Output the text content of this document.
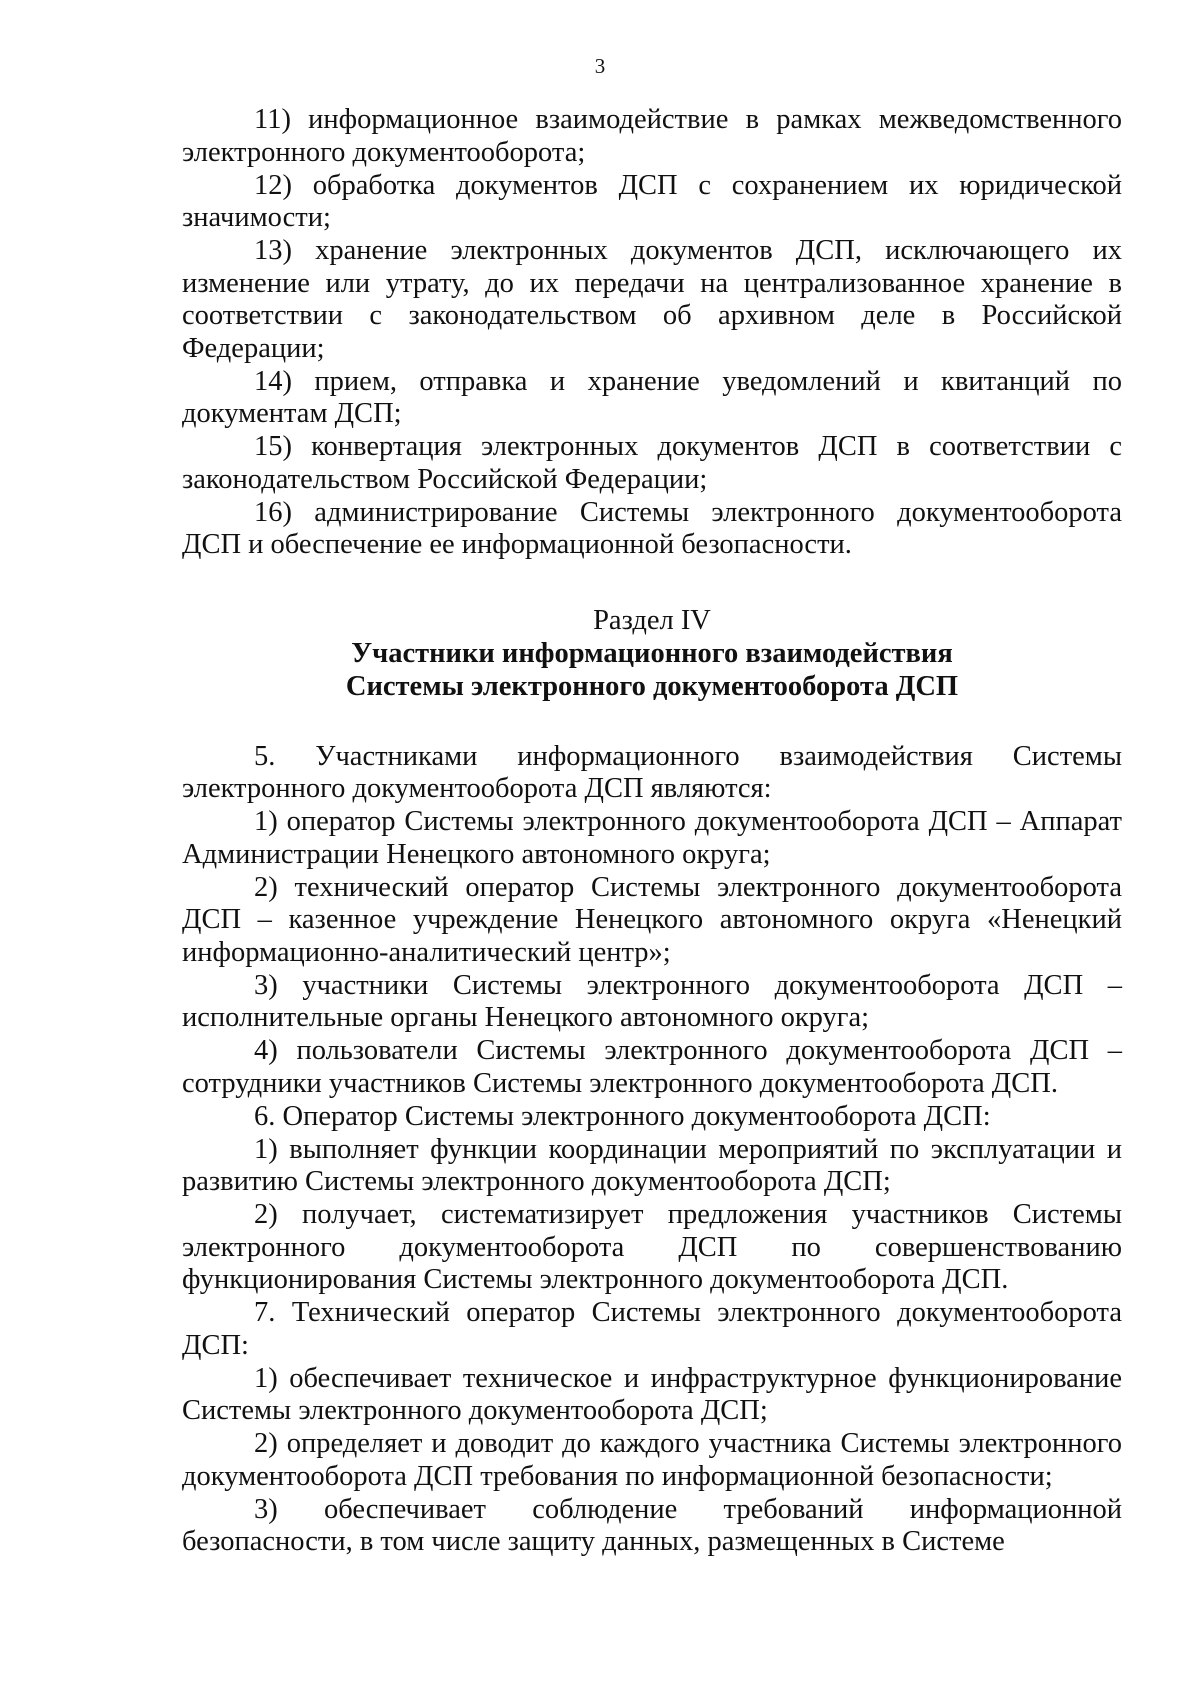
3

11) информационное взаимодействие в рамках межведомственного электронного документооборота;

12) обработка документов ДСП с сохранением их юридической значимости;

13) хранение электронных документов ДСП, исключающего их изменение или утрату, до их передачи на централизованное хранение в соответствии с законодательством об архивном деле в Российской Федерации;

14) прием, отправка и хранение уведомлений и квитанций по документам ДСП;

15) конвертация электронных документов ДСП в соответствии с законодательством Российской Федерации;

16) администрирование Системы электронного документооборота ДСП и обеспечение ее информационной безопасности.

Раздел IV
Участники информационного взаимодействия
Системы электронного документооборота ДСП

5. Участниками информационного взаимодействия Системы электронного документооборота ДСП являются:

1) оператор Системы электронного документооборота ДСП – Аппарат Администрации Ненецкого автономного округа;

2) технический оператор Системы электронного документооборота ДСП – казенное учреждение Ненецкого автономного округа «Ненецкий информационно-аналитический центр»;

3) участники Системы электронного документооборота ДСП – исполнительные органы Ненецкого автономного округа;

4) пользователи Системы электронного документооборота ДСП – сотрудники участников Системы электронного документооборота ДСП.

6. Оператор Системы электронного документооборота ДСП:

1) выполняет функции координации мероприятий по эксплуатации и развитию Системы электронного документооборота ДСП;

2) получает, систематизирует предложения участников Системы электронного документооборота ДСП по совершенствованию функционирования Системы электронного документооборота ДСП.

7. Технический оператор Системы электронного документооборота ДСП:

1) обеспечивает техническое и инфраструктурное функционирование Системы электронного документооборота ДСП;

2) определяет и доводит до каждого участника Системы электронного документооборота ДСП требования по информационной безопасности;

3) обеспечивает соблюдение требований информационной безопасности, в том числе защиту данных, размещенных в Системе
